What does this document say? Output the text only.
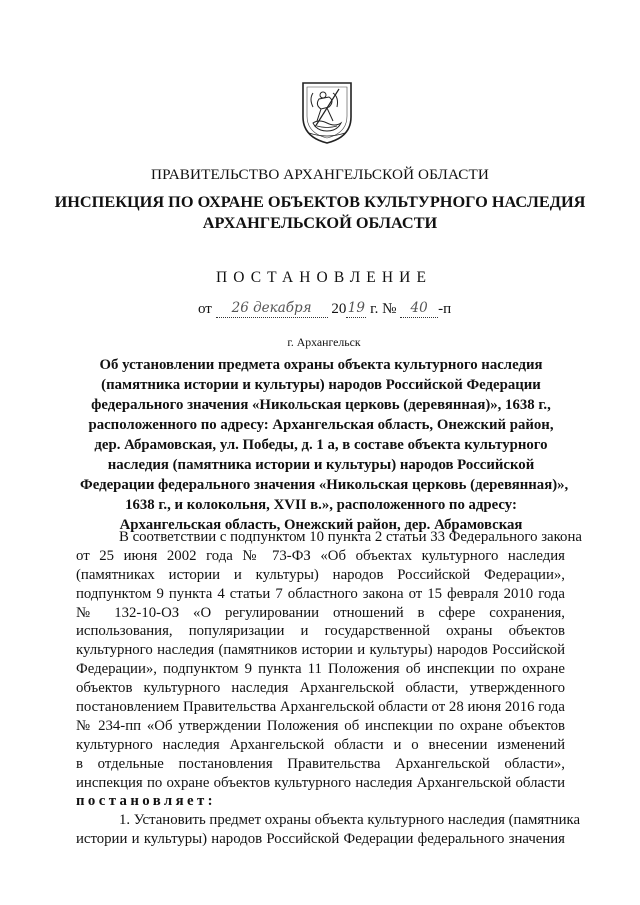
ПРАВИТЕЛЬСТВО АРХАНГЕЛЬСКОЙ ОБЛАСТИ
ИНСПЕКЦИЯ ПО ОХРАНЕ ОБЪЕКТОВ КУЛЬТУРНОГО НАСЛЕДИЯ
АРХАНГЕЛЬСКОЙ ОБЛАСТИ
ПОСТАНОВЛЕНИЕ
от 26 декабря 2019 г. № 40 -п
г. Архангельск
Об установлении предмета охраны объекта культурного наследия
(памятника истории и культуры) народов Российской Федерации
федерального значения «Никольская церковь (деревянная)», 1638 г.,
расположенного по адресу: Архангельская область, Онежский район,
дер. Абрамовская, ул. Победы, д. 1 а, в составе объекта культурного
наследия (памятника истории и культуры) народов Российской
Федерации федерального значения «Никольская церковь (деревянная)»,
1638 г., и колокольня, XVII в.», расположенного по адресу:
Архангельская область, Онежский район, дер. Абрамовская
В соответствии с подпунктом 10 пункта 2 статьи 33 Федерального закона
от 25 июня 2002 года № 73-ФЗ «Об объектах культурного наследия
(памятниках истории и культуры) народов Российской Федерации»,
подпунктом 9 пункта 4 статьи 7 областного закона от 15 февраля 2010 года
№ 132-10-ОЗ «О регулировании отношений в сфере сохранения,
использования, популяризации и государственной охраны объектов
культурного наследия (памятников истории и культуры) народов Российской
Федерации», подпунктом 9 пункта 11 Положения об инспекции по охране
объектов культурного наследия Архангельской области, утвержденного
постановлением Правительства Архангельской области от 28 июня 2016 года
№ 234-пп «Об утверждении Положения об инспекции по охране объектов
культурного наследия Архангельской области и о внесении изменений
в отдельные постановления Правительства Архангельской области»,
инспекция по охране объектов культурного наследия Архангельской области
постановляет:
1. Установить предмет охраны объекта культурного наследия (памятника
истории и культуры) народов Российской Федерации федерального значения
